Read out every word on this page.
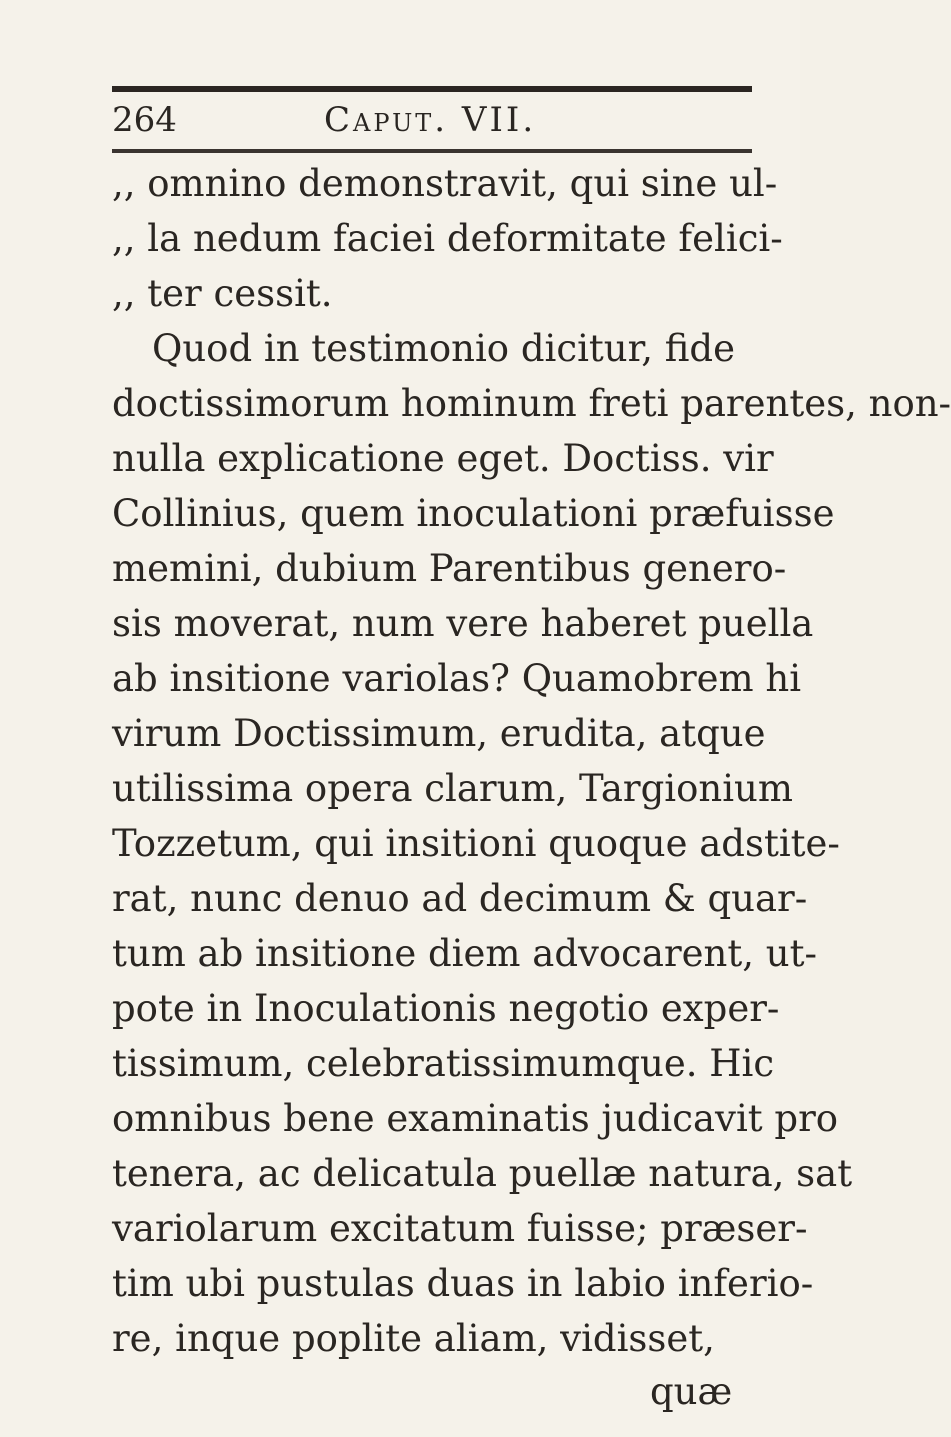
264	Caput. VII.
,, omnino demonstravit, qui sine ul-
,, la nedum faciei deformitate felici-
,, ter cessit.
Quod in testimonio dicitur, fide
doctissimorum hominum freti parentes, non-
nulla explicatione eget. Doctiss. vir
Collinius, quem inoculationi præfuisse
memini, dubium Parentibus genero-
sis moverat, num vere haberet puella
ab insitione variolas? Quamobrem hi
virum Doctissimum, erudita, atque
utilissima opera clarum, Targionium
Tozzetum, qui insitioni quoque adstite-
rat, nunc denuo ad decimum & quar-
tum ab insitione diem advocarent, ut-
pote in Inoculationis negotio exper-
tissimum, celebratissimumque. Hic
omnibus bene examinatis judicavit pro
tenera, ac delicatula puellæ natura, sat
variolarum excitatum fuisse; præser-
tim ubi pustulas duas in labio inferio-
re, inque poplite aliam, vidisset,
quæ
